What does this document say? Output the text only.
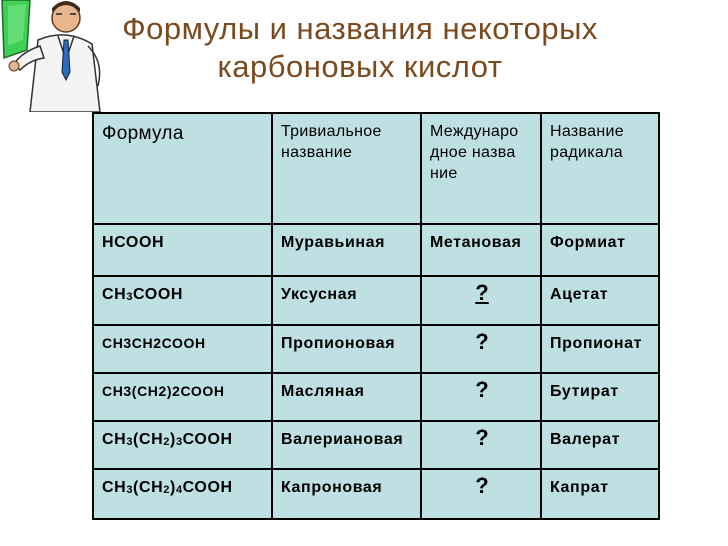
Формулы и названия некоторых
карбоновых кислот
Формула	Тривиальное название	Международное название	Название радикала
НСООН	Муравьиная	Метановая	Формиат
$СН_3СООН$	Уксусная	?	Ацетат
СН3СН2СООН	Пропионовая	?	Пропионат

СН3(СН2)2СООН	Масляная	?	Бутират

$СН_3(СН_2)_3СООН$	Валериановая	?	Валерат

$СН_3(СН_2)_4СООН$	Капроновая	?	Капрат
